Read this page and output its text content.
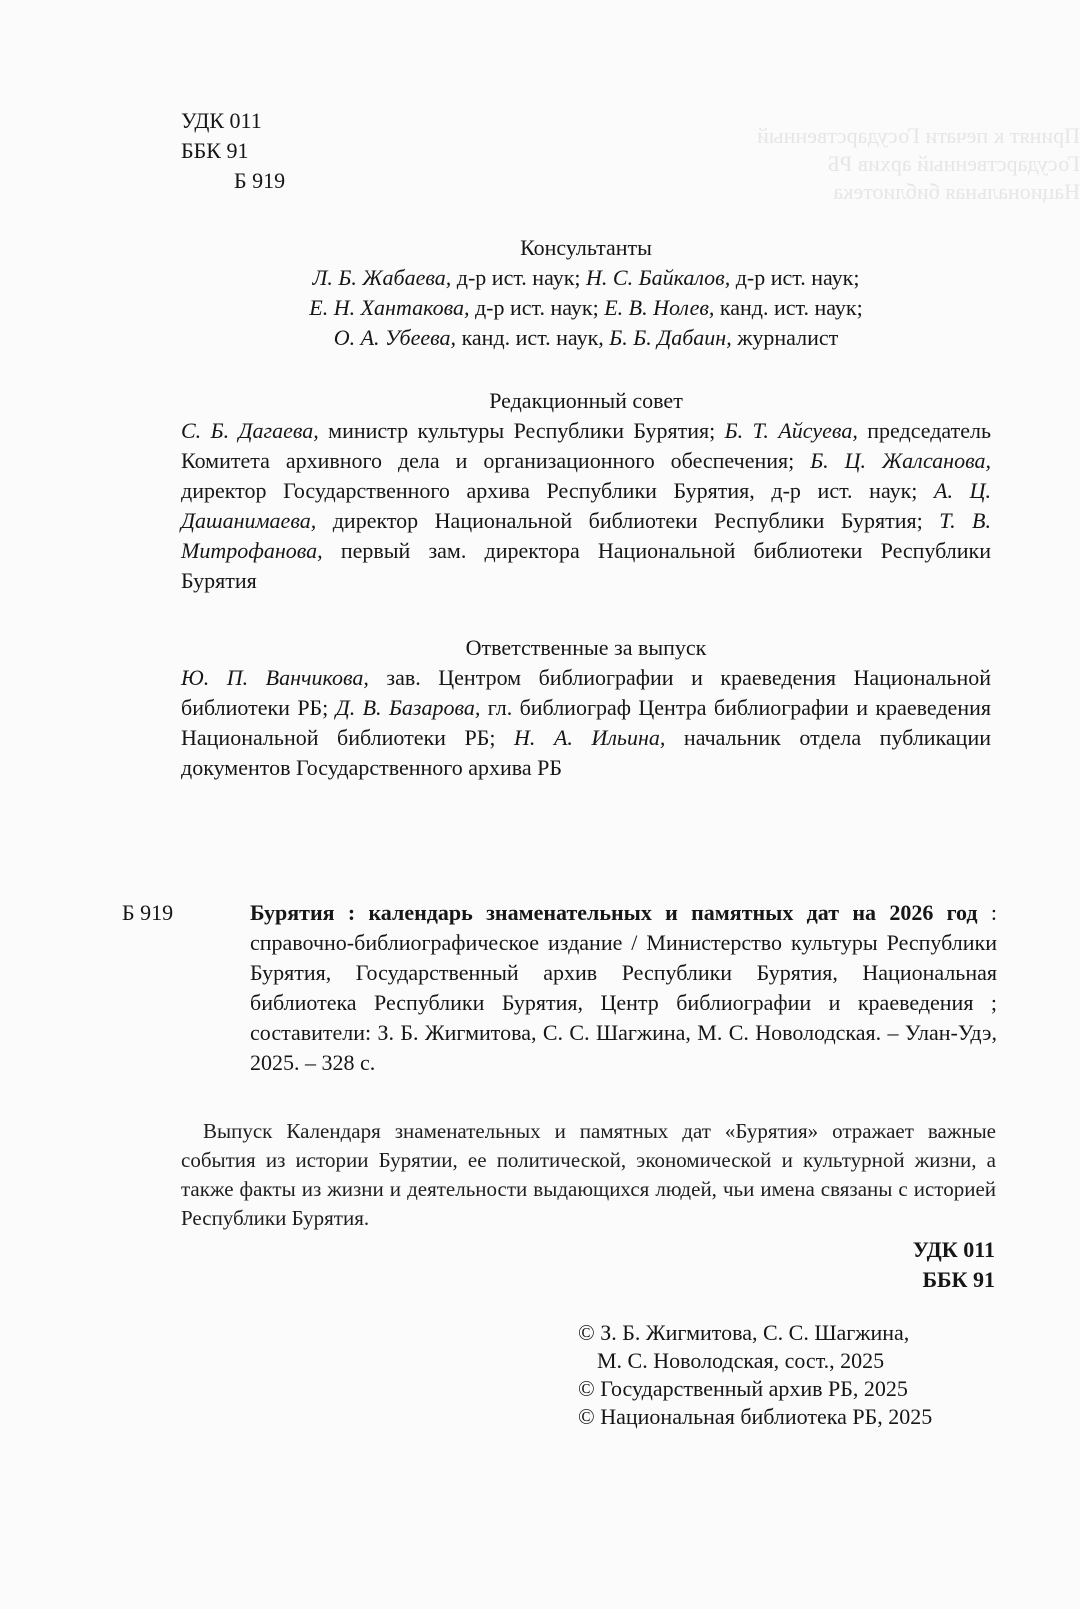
Принят к печати Государственный
Государственный архив РБ
Национальная библиотека
УДК 011
ББК 91
Б 919
Консультанты
Л. Б. Жабаева, д-р ист. наук; Н. С. Байкалов, д-р ист. наук;
Е. Н. Хантакова, д-р ист. наук; Е. В. Нолев, канд. ист. наук;
О. А. Убеева, канд. ист. наук, Б. Б. Дабаин, журналист
Редакционный совет
С. Б. Дагаева, министр культуры Республики Бурятия; Б. Т. Айсуева, председатель Комитета архивного дела и организационного обеспечения; Б. Ц. Жалсанова, директор Государственного архива Республики Бурятия, д-р ист. наук; А. Ц. Дашанимаева, директор Национальной библиотеки Республики Бурятия; Т. В. Митрофанова, первый зам. директора Национальной библиотеки Республики Бурятия
Ответственные за выпуск
Ю. П. Ванчикова, зав. Центром библиографии и краеведения Национальной библиотеки РБ; Д. В. Базарова, гл. библиограф Центра библиографии и краеведения Национальной библиотеки РБ; Н. А. Ильина, начальник отдела публикации документов Государственного архива РБ
Б 919	Бурятия : календарь знаменательных и памятных дат на 2026 год : справочно-библиографическое издание / Министерство культуры Республики Бурятия, Государственный архив Республики Бурятия, Национальная библиотека Республики Бурятия, Центр библиографии и краеведения ; составители: З. Б. Жигмитова, С. С. Шагжина, М. С. Новолодская. – Улан-Удэ, 2025. – 328 с.
Выпуск Календаря знаменательных и памятных дат «Бурятия» отражает важные события из истории Бурятии, ее политической, экономической и культурной жизни, а также факты из жизни и деятельности выдающихся людей, чьи имена связаны с историей Республики Бурятия.
УДК 011
ББК 91
© З. Б. Жигмитова, С. С. Шагжина,
М. С. Новолодская, сост., 2025
© Государственный архив РБ, 2025
© Национальная библиотека РБ, 2025
